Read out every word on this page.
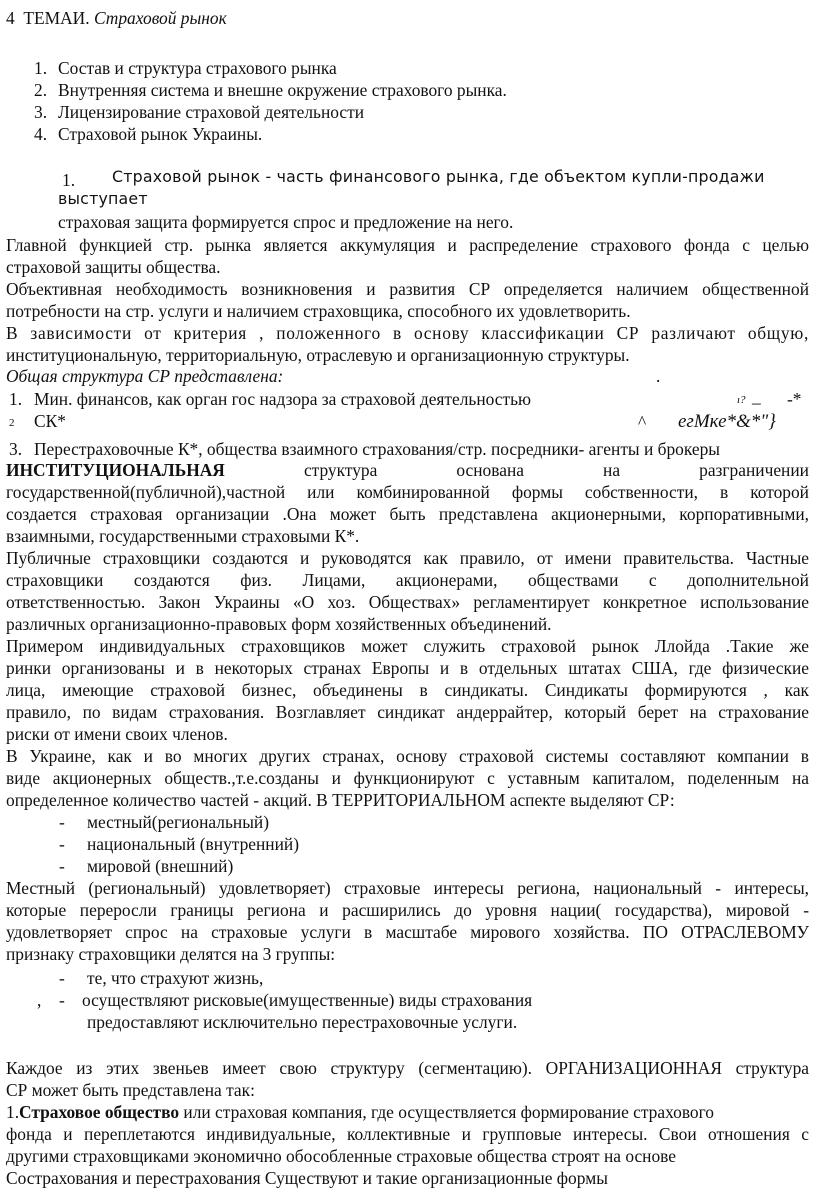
4 ТЕМАИ. Страховой рынок
1. Состав и структура страхового рынка
2. Внутренняя система и внешне окружение страхового рынка.
3. Лицензирование страховой деятельности
4. Страховой рынок Украины.
1. Страховой рынок - часть финансового рынка, где объектом купли-продажи
выступает
страховая защита формируется спрос и предложение на него.
Главной функцией стр. рынка является аккумуляция и распределение страхового фонда с целью
страховой защиты общества.
Объективная необходимость возникновения и развития СР определяется наличием общественной
потребности на стр. услуги и наличием страховщика, способного их удовлетворить.
В зависимости от критерия , положенного в основу классификации СР различают общую,
институциональную, территориальную, отраслевую и организационную структуры.
Общая структура СР представлена:	.
1. Мин. финансов, как орган гос надзора за страховой деятельностью	ı? _ -*
2 СК*	^ егМке*&*"}
3. Перестраховочные К*, общества взаимного страхования/стр. посредники- агенты и брокеры
ИНСТИТУЦИОНАЛЬНАЯ	структура	основана	на	разграничении
государственной(публичной),частной или комбинированной формы собственности, в которой
создается страховая организации .Она может быть представлена акционерными, корпоративными,
взаимными, государственными страховыми К*.
Публичные страховщики создаются и руководятся как правило, от имени правительства. Частные
страховщики создаются физ. Лицами, акционерами, обществами с дополнительной
ответственностью. Закон Украины «О хоз. Обществах» регламентирует конкретное использование
различных организационно-правовых форм хозяйственных объединений.
Примером индивидуальных страховщиков может служить страховой рынок Ллойда .Такие же
ринки организованы и в некоторых странах Европы и в отдельных штатах США, где физические
лица, имеющие страховой бизнес, объединены в синдикаты. Синдикаты формируются , как
правило, по видам страхования. Возглавляет синдикат андеррайтер, который берет на страхование
риски от имени своих членов.
В Украине, как и во многих других странах, основу страховой системы составляют компании в
виде акционерных обществ.,т.е.созданы и функционируют с уставным капиталом, поделенным на
определенное количество частей - акций. В ТЕРРИТОРИАЛЬНОМ аспекте выделяют СР:
- местный(региональный)
- национальный (внутренний)
- мировой (внешний)
Местный (региональный) удовлетворяет) страховые интересы региона, национальный - интересы,
которые переросли границы региона и расширились до уровня нации( государства), мировой -
удовлетворяет спрос на страховые услуги в масштабе мирового хозяйства. ПО ОТРАСЛЕВОМУ
признаку страховщики делятся на 3 группы:
- те, что страхуют жизнь,
, - осуществляют рисковые(имущественные) виды страхования
предоставляют исключительно перестраховочные услуги.
Каждое из этих звеньев имеет свою структуру (сегментацию). ОРГАНИЗАЦИОННАЯ структура
СР может быть представлена так:
1.Страховое общество или страховая компания, где осуществляется формирование страхового
фонда и переплетаются индивидуальные, коллективные и групповые интересы. Свои отношения с
другими страховщиками экономично обособленные страховые общества строят на основе
Сострахования и перестрахования Существуют и такие организационные формы
